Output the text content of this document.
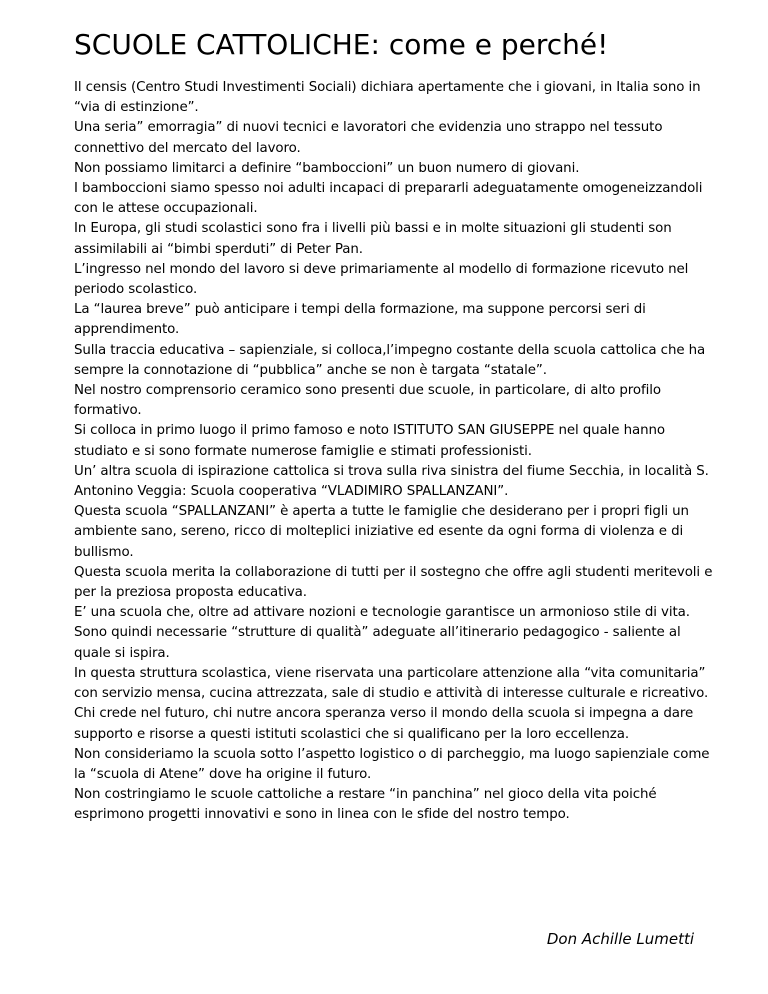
SCUOLE CATTOLICHE: come e perché!

Il censis (Centro Studi Investimenti Sociali) dichiara apertamente che i giovani, in Italia sono in “via di estinzione”.

Una seria” emorragia” di nuovi tecnici e lavoratori che evidenzia uno strappo nel tessuto connettivo del mercato del lavoro.

Non possiamo limitarci a definire “bamboccioni” un buon numero di giovani.

I bamboccioni siamo spesso noi adulti incapaci di prepararli adeguatamente omogeneizzandoli con le attese occupazionali.

In Europa, gli studi scolastici sono fra i livelli più bassi e in molte situazioni gli studenti son assimilabili ai “bimbi sperduti” di Peter Pan.

L’ingresso nel mondo del lavoro si deve primariamente al modello di formazione ricevuto nel periodo scolastico.

La “laurea breve” può anticipare i tempi della formazione, ma suppone percorsi seri di apprendimento.

Sulla traccia educativa – sapienziale, si colloca,l’impegno costante della scuola cattolica che ha sempre la connotazione di “pubblica” anche se non è targata “statale”.

Nel nostro comprensorio ceramico sono presenti due scuole, in particolare, di alto profilo formativo.

Si colloca in primo luogo il primo famoso e noto ISTITUTO SAN GIUSEPPE nel quale hanno studiato e si sono formate numerose famiglie e stimati professionisti.

Un’ altra scuola di ispirazione cattolica si trova sulla riva sinistra del fiume Secchia, in località S. Antonino Veggia: Scuola cooperativa “VLADIMIRO SPALLANZANI”.

Questa scuola “SPALLANZANI” è aperta a tutte le famiglie che desiderano per i propri figli un ambiente sano, sereno, ricco di molteplici iniziative ed esente da ogni forma di violenza e di bullismo.

Questa scuola merita la collaborazione di tutti per il sostegno che offre agli studenti meritevoli e per la preziosa proposta educativa.

E’ una scuola che, oltre ad attivare nozioni e tecnologie garantisce un armonioso stile di vita.

Sono quindi necessarie “strutture di qualità” adeguate all’itinerario pedagogico - saliente al quale si ispira.

In questa struttura scolastica, viene riservata una particolare attenzione alla “vita comunitaria” con servizio mensa, cucina attrezzata, sale di studio e attività di interesse culturale e ricreativo.

Chi crede nel futuro, chi nutre ancora speranza verso il mondo della scuola si impegna a dare supporto e risorse a questi istituti scolastici che si qualificano per la loro eccellenza.

Non consideriamo la scuola sotto l’aspetto logistico o di parcheggio, ma luogo sapienziale come la “scuola di Atene” dove ha origine il futuro.

Non costringiamo le scuole cattoliche a restare “in panchina” nel gioco della vita poiché esprimono progetti innovativi e sono in linea con le sfide del nostro tempo.

Don Achille Lumetti
